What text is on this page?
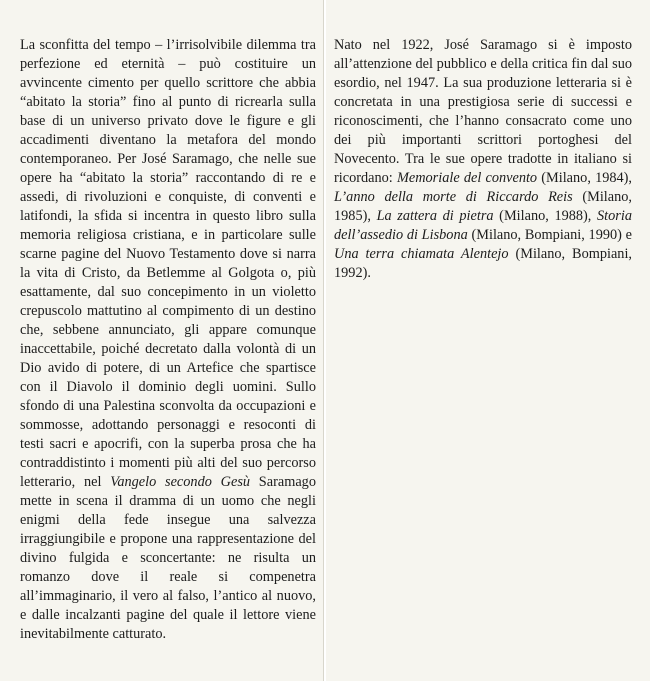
La sconfitta del tempo – l’irrisolvibile dilemma tra perfezione ed eternità – può costituire un avvincente cimento per quello scrittore che abbia “abitato la storia” fino al punto di ricrearla sulla base di un universo privato dove le figure e gli accadimenti diventano la metafora del mondo contemporaneo. Per José Saramago, che nelle sue opere ha “abitato la storia” raccontando di re e assedi, di rivoluzioni e conquiste, di conventi e latifondi, la sfida si incentra in questo libro sulla memoria religiosa cristiana, e in particolare sulle scarne pagine del Nuovo Testamento dove si narra la vita di Cristo, da Betlemme al Golgota o, più esattamente, dal suo concepimento in un violetto crepuscolo mattutino al compimento di un destino che, sebbene annunciato, gli appare comunque inaccettabile, poiché decretato dalla volontà di un Dio avido di potere, di un Artefice che spartisce con il Diavolo il dominio degli uomini. Sullo sfondo di una Palestina sconvolta da occupazioni e sommosse, adottando personaggi e resoconti di testi sacri e apocrifi, con la superba prosa che ha contraddistinto i momenti più alti del suo percorso letterario, nel Vangelo secondo Gesù Saramago mette in scena il dramma di un uomo che negli enigmi della fede insegue una salvezza irraggiungibile e propone una rappresentazione del divino fulgida e sconcertante: ne risulta un romanzo dove il reale si compenetra all’immaginario, il vero al falso, l’antico al nuovo, e dalle incalzanti pagine del quale il lettore viene inevitabilmente catturato.

Nato nel 1922, José Saramago si è imposto all’attenzione del pubblico e della critica fin dal suo esordio, nel 1947. La sua produzione letteraria si è concretata in una prestigiosa serie di successi e riconoscimenti, che l’hanno consacrato come uno dei più importanti scrittori portoghesi del Novecento. Tra le sue opere tradotte in italiano si ricordano: Memoriale del convento (Milano, 1984), L’anno della morte di Riccardo Reis (Milano, 1985), La zattera di pietra (Milano, 1988), Storia dell’assedio di Lisbona (Milano, Bompiani, 1990) e Una terra chiamata Alentejo (Milano, Bompiani, 1992).
